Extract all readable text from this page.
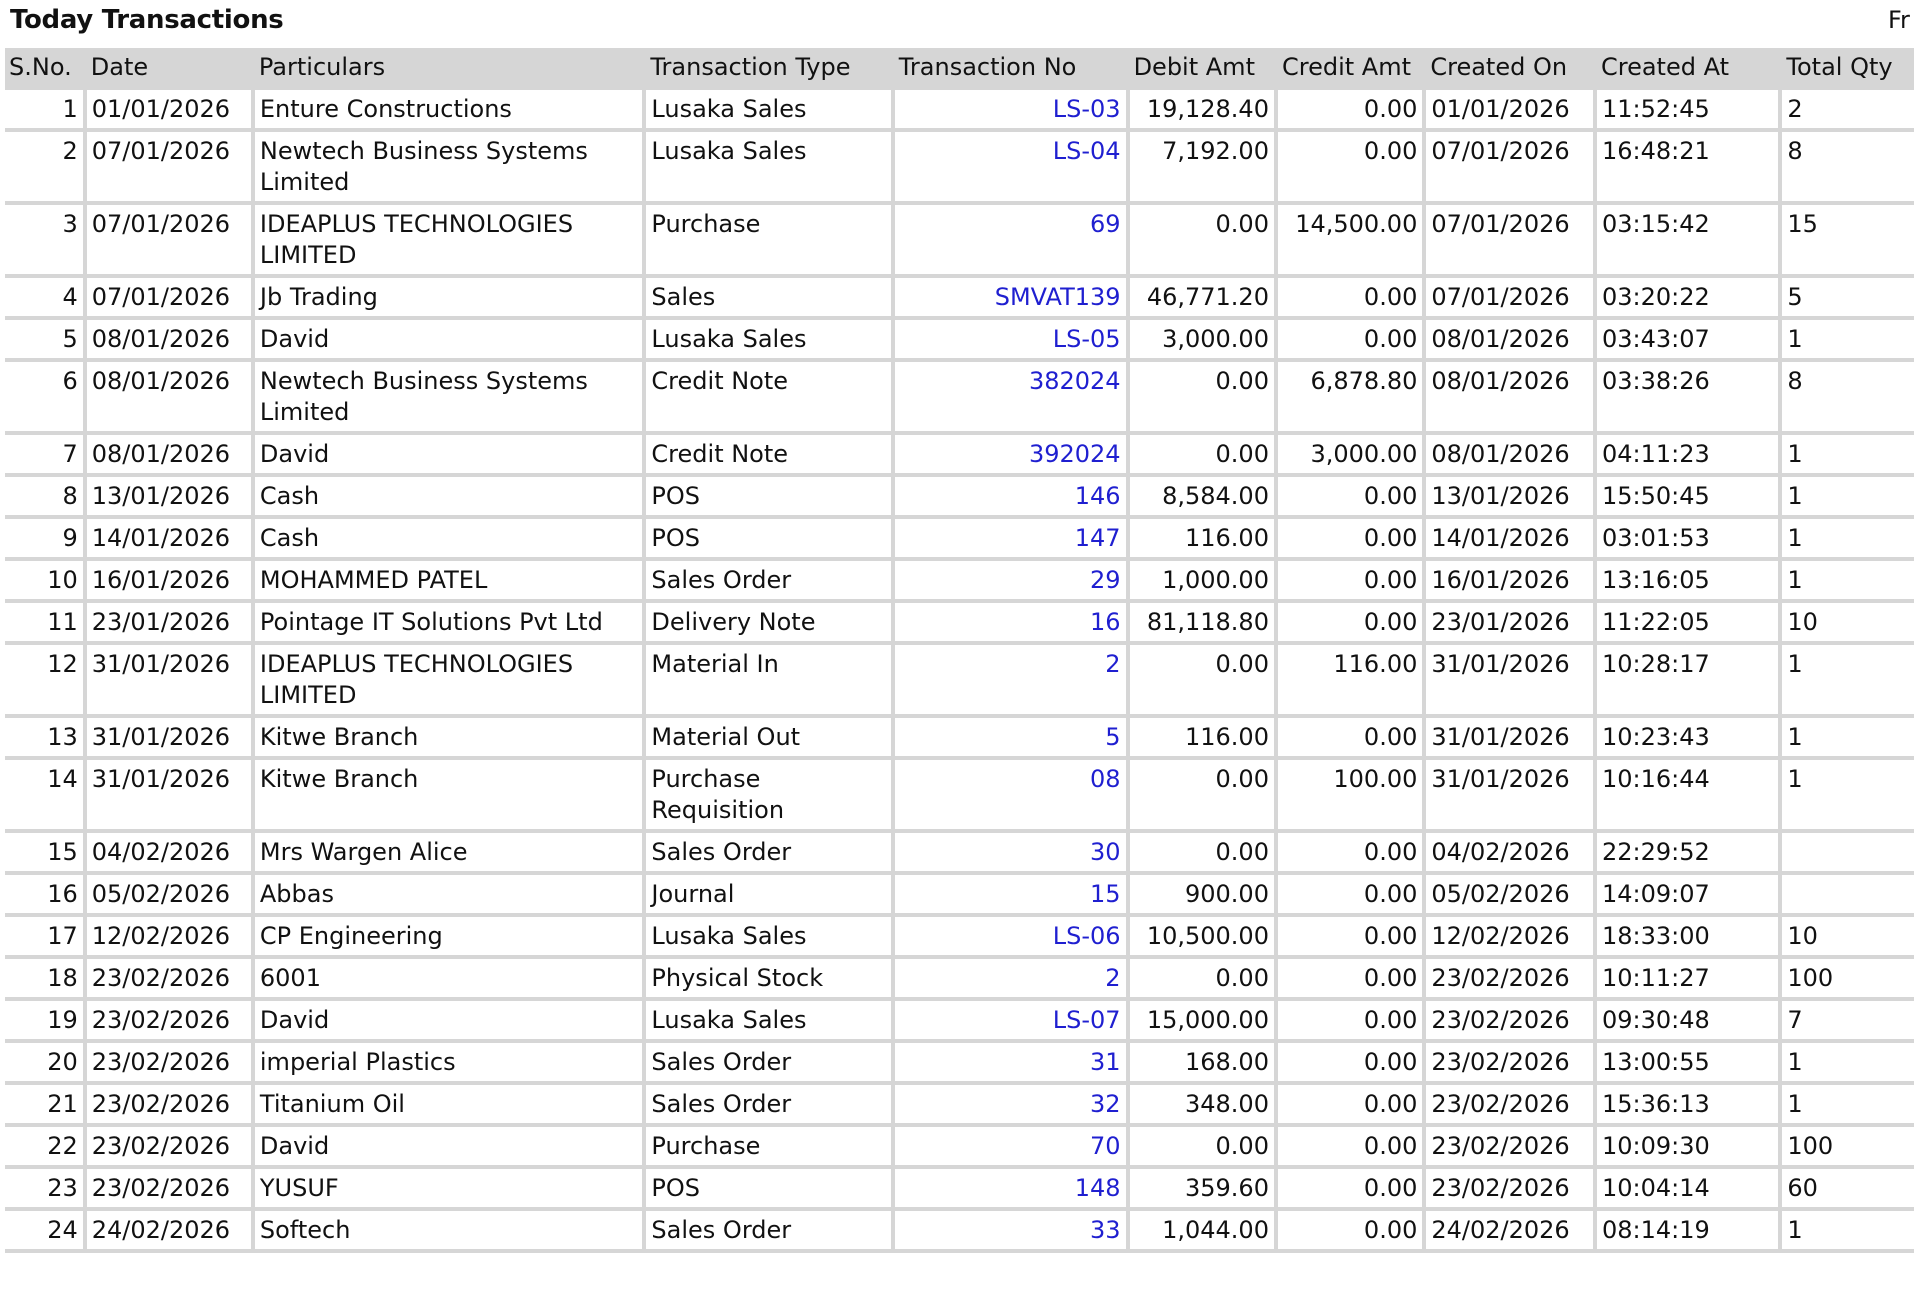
Today Transactions	Fr
S.No.	Date	Particulars	Transaction Type	Transaction No	Debit Amt	Credit Amt	Created On	Created At	Total Qty
1	01/01/2026	Enture Constructions	Lusaka Sales	LS-03	19,128.40	0.00	01/01/2026	11:52:45	2
2	07/01/2026	Newtech Business Systems Limited	Lusaka Sales	LS-04	7,192.00	0.00	07/01/2026	16:48:21	8
3	07/01/2026	IDEAPLUS TECHNOLOGIES LIMITED	Purchase	69	0.00	14,500.00	07/01/2026	03:15:42	15
4	07/01/2026	Jb Trading	Sales	SMVAT139	46,771.20	0.00	07/01/2026	03:20:22	5
5	08/01/2026	David	Lusaka Sales	LS-05	3,000.00	0.00	08/01/2026	03:43:07	1
6	08/01/2026	Newtech Business Systems Limited	Credit Note	382024	0.00	6,878.80	08/01/2026	03:38:26	8
7	08/01/2026	David	Credit Note	392024	0.00	3,000.00	08/01/2026	04:11:23	1
8	13/01/2026	Cash	POS	146	8,584.00	0.00	13/01/2026	15:50:45	1
9	14/01/2026	Cash	POS	147	116.00	0.00	14/01/2026	03:01:53	1
10	16/01/2026	MOHAMMED PATEL	Sales Order	29	1,000.00	0.00	16/01/2026	13:16:05	1
11	23/01/2026	Pointage IT Solutions Pvt Ltd	Delivery Note	16	81,118.80	0.00	23/01/2026	11:22:05	10
12	31/01/2026	IDEAPLUS TECHNOLOGIES LIMITED	Material In	2	0.00	116.00	31/01/2026	10:28:17	1
13	31/01/2026	Kitwe Branch	Material Out	5	116.00	0.00	31/01/2026	10:23:43	1
14	31/01/2026	Kitwe Branch	Purchase Requisition	08	0.00	100.00	31/01/2026	10:16:44	1
15	04/02/2026	Mrs Wargen Alice	Sales Order	30	0.00	0.00	04/02/2026	22:29:52	
16	05/02/2026	Abbas	Journal	15	900.00	0.00	05/02/2026	14:09:07	
17	12/02/2026	CP Engineering	Lusaka Sales	LS-06	10,500.00	0.00	12/02/2026	18:33:00	10
18	23/02/2026	6001	Physical Stock	2	0.00	0.00	23/02/2026	10:11:27	100
19	23/02/2026	David	Lusaka Sales	LS-07	15,000.00	0.00	23/02/2026	09:30:48	7
20	23/02/2026	imperial Plastics	Sales Order	31	168.00	0.00	23/02/2026	13:00:55	1
21	23/02/2026	Titanium Oil	Sales Order	32	348.00	0.00	23/02/2026	15:36:13	1
22	23/02/2026	David	Purchase	70	0.00	0.00	23/02/2026	10:09:30	100
23	23/02/2026	YUSUF	POS	148	359.60	0.00	23/02/2026	10:04:14	60
24	24/02/2026	Softech	Sales Order	33	1,044.00	0.00	24/02/2026	08:14:19	1
